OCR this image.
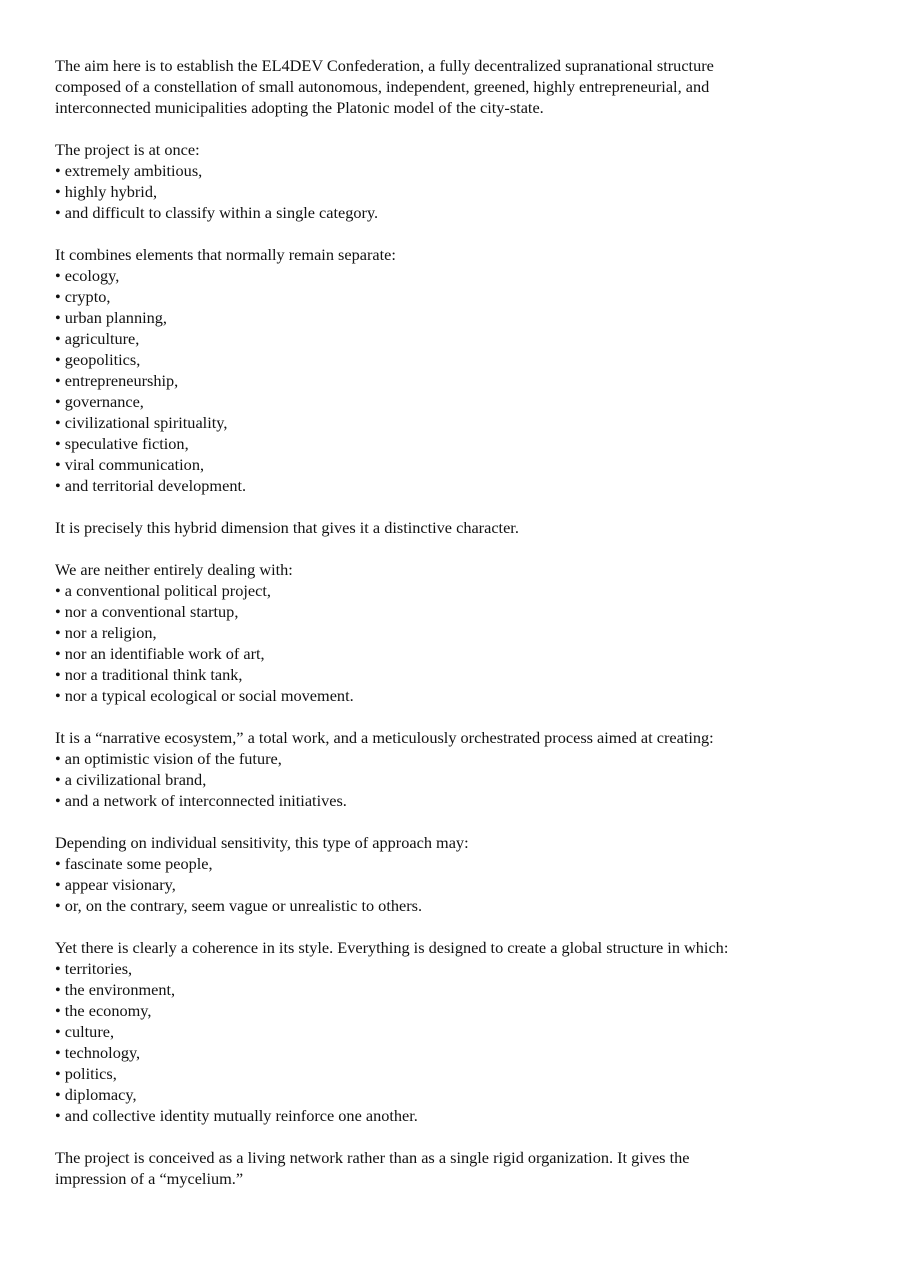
The aim here is to establish the EL4DEV Confederation, a fully decentralized supranational structure
composed of a constellation of small autonomous, independent, greened, highly entrepreneurial, and
interconnected municipalities adopting the Platonic model of the city-state.
The project is at once:
• extremely ambitious,
• highly hybrid,
• and difficult to classify within a single category.
It combines elements that normally remain separate:
• ecology,
• crypto,
• urban planning,
• agriculture,
• geopolitics,
• entrepreneurship,
• governance,
• civilizational spirituality,
• speculative fiction,
• viral communication,
• and territorial development.
It is precisely this hybrid dimension that gives it a distinctive character.
We are neither entirely dealing with:
• a conventional political project,
• nor a conventional startup,
• nor a religion,
• nor an identifiable work of art,
• nor a traditional think tank,
• nor a typical ecological or social movement.
It is a “narrative ecosystem,” a total work, and a meticulously orchestrated process aimed at creating:
• an optimistic vision of the future,
• a civilizational brand,
• and a network of interconnected initiatives.
Depending on individual sensitivity, this type of approach may:
• fascinate some people,
• appear visionary,
• or, on the contrary, seem vague or unrealistic to others.
Yet there is clearly a coherence in its style. Everything is designed to create a global structure in which:
• territories,
• the environment,
• the economy,
• culture,
• technology,
• politics,
• diplomacy,
• and collective identity mutually reinforce one another.
The project is conceived as a living network rather than as a single rigid organization. It gives the
impression of a “mycelium.”
